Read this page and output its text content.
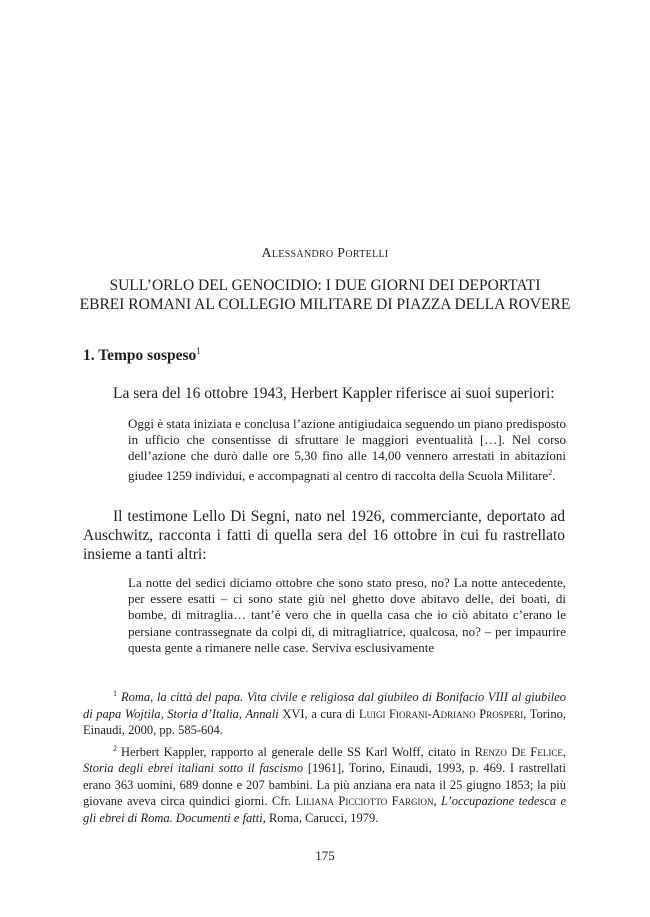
Alessandro Portelli
SULL’ORLO DEL GENOCIDIO: I DUE GIORNI DEI DEPORTATI
EBREI ROMANI AL COLLEGIO MILITARE DI PIAZZA DELLA ROVERE
1. Tempo sospeso$^1$

La sera del 16 ottobre 1943, Herbert Kappler riferisce ai suoi superiori:

Oggi è stata iniziata e conclusa l’azione antigiudaica seguendo un piano predisposto in ufficio che consentisse di sfruttare le maggiori eventualità […]. Nel corso dell’azione che durò dalle ore 5,30 fino alle 14,00 vennero arrestati in abitazioni giudee 1259 individui, e accompagnati al centro di raccolta della Scuola Militare$^2$.

Il testimone Lello Di Segni, nato nel 1926, commerciante, deportato ad Auschwitz, racconta i fatti di quella sera del 16 ottobre in cui fu rastrellato insieme a tanti altri:

La notte del sedici diciamo ottobre che sono stato preso, no? La notte antecedente, per essere esatti – ci sono state giù nel ghetto dove abitavo delle, dei boati, di bombe, di mitraglia… tant’è vero che in quella casa che io ciò abitato c’erano le persiane contrassegnate da colpi di, di mitragliatrice, qualcosa, no? – per impaurire questa gente a rimanere nelle case. Serviva esclusivamente

$^1$ Roma, la città del papa. Vita civile e religiosa dal giubileo di Bonifacio VIII al giubileo di papa Wojtila, Storia d’Italia, Annali XVI, a cura di Luigi Fiorani-Adriano Prosperi, Torino, Einaudi, 2000, pp. 585-604.

$^2$ Herbert Kappler, rapporto al generale delle SS Karl Wolff, citato in Renzo De Felice, Storia degli ebrei italiani sotto il fascismo [1961], Torino, Einaudi, 1993, p. 469. I rastrellati erano 363 uomini, 689 donne e 207 bambini. La più anziana era nata il 25 giugno 1853; la più giovane aveva circa quindici giorni. Cfr. Liliana Picciotto Fargion, L’occupazione tedesca e gli ebrei di Roma. Documenti e fatti, Roma, Carucci, 1979.

175
